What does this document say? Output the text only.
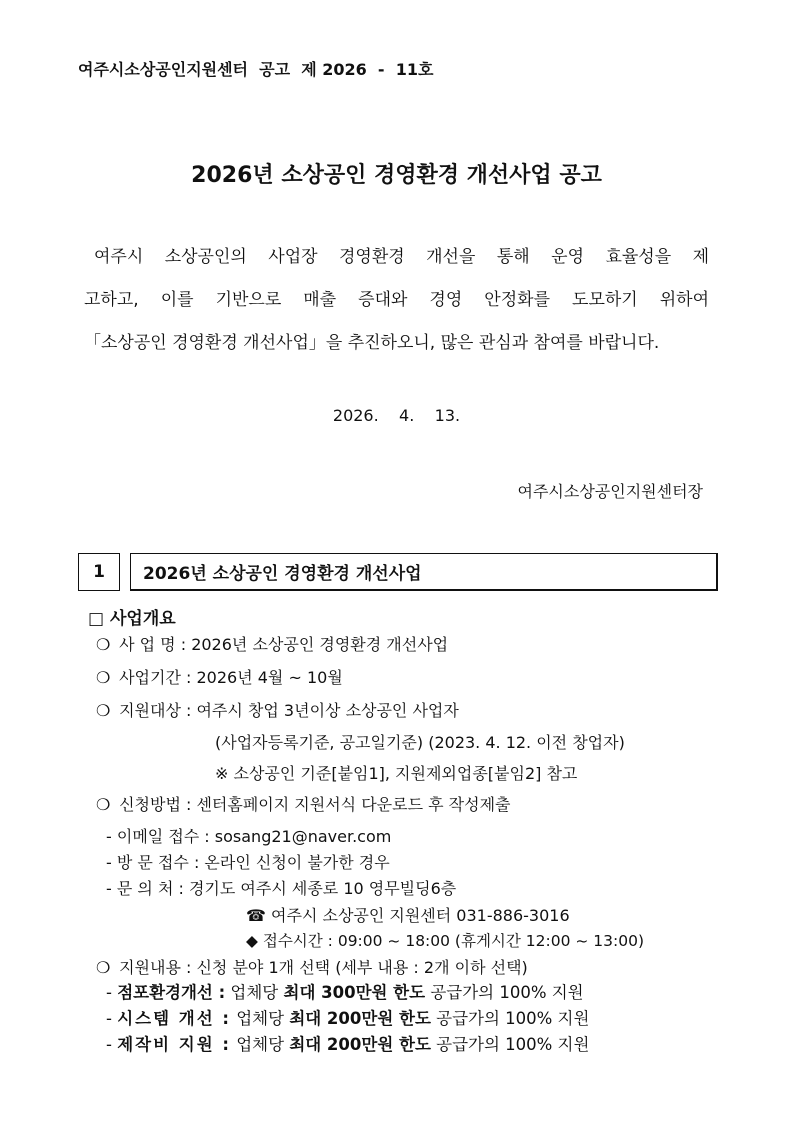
여주시소상공인지원센터  공고  제 2026  -  11호
2026년 소상공인 경영환경 개선사업 공고
여주시 소상공인의 사업장 경영환경 개선을 통해 운영 효율성을 제
고하고, 이를 기반으로 매출 증대와 경영 안정화를 도모하기 위하여
「소상공인 경영환경 개선사업」을 추진하오니, 많은 관심과 참여를 바랍니다.
2026.    4.    13.
여주시소상공인지원센터장
1	2026년 소상공인 경영환경 개선사업
□ 사업개요
❍ 사 업 명 : 2026년 소상공인 경영환경 개선사업
❍ 사업기간 : 2026년 4월 ~ 10월
❍ 지원대상 : 여주시 창업 3년이상 소상공인 사업자
(사업자등록기준, 공고일기준) (2023. 4. 12. 이전 창업자)
※ 소상공인 기준[붙임1], 지원제외업종[붙임2] 참고
❍ 신청방법 : 센터홈페이지 지원서식 다운로드 후 작성제출
- 이메일 접수 : sosang21@naver.com
- 방 문 접수 : 온라인 신청이 불가한 경우
- 문 의 처 : 경기도 여주시 세종로 10 영무빌딩6층
☎ 여주시 소상공인 지원센터 031-886-3016
◆ 접수시간 : 09:00 ~ 18:00 (휴게시간 12:00 ~ 13:00)
❍ 지원내용 : 신청 분야 1개 선택 (세부 내용 : 2개 이하 선택)
- 점포환경개선 : 업체당 최대 300만원 한도 공급가의 100% 지원
- 시스템 개선 : 업체당 최대 200만원 한도 공급가의 100% 지원
- 제작비 지원 : 업체당 최대 200만원 한도 공급가의 100% 지원
